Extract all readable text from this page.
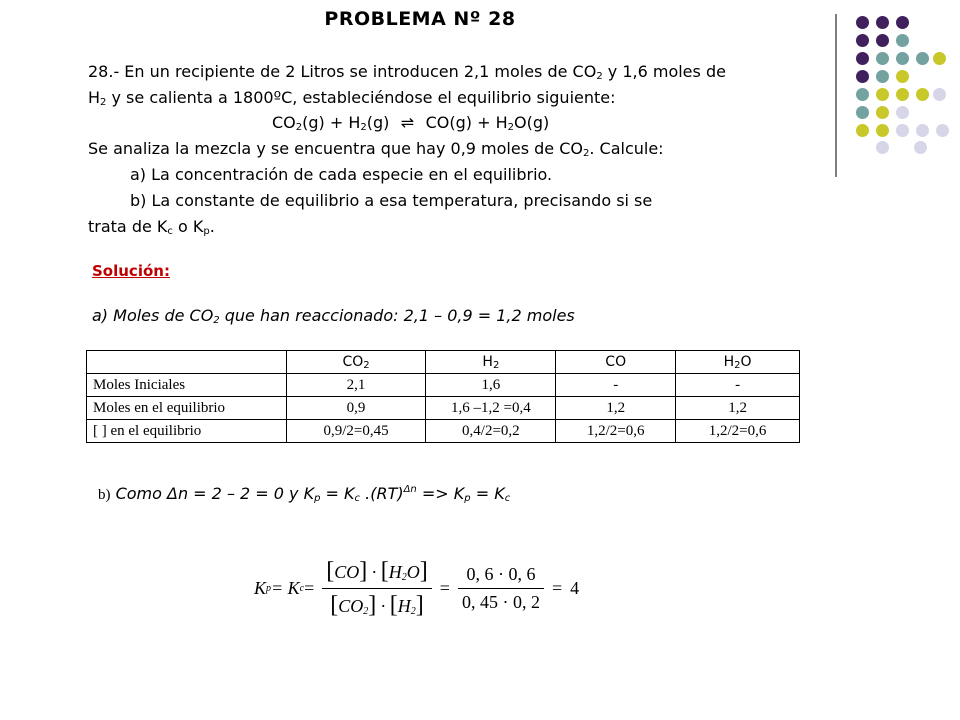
PROBLEMA Nº 28
28.- En un recipiente de 2 Litros se introducen 2,1 moles de $CO_2$ y 1,6 moles de
$H_2$ y se calienta a 1800ºC, estableciéndose el equilibrio siguiente:
$CO_2(g) + H_2(g)$ ⇌ $CO(g) + H_2O(g)$
Se analiza la mezcla y se encuentra que hay 0,9 moles de $CO_2$. Calcule:
a) La concentración de cada especie en el equilibrio.
b) La constante de equilibrio a esa temperatura, precisando si se
trata de $K_c$ o $K_p$.
Solución:
a) Moles de $CO_2$ que han reaccionado: 2,1 – 0,9 = 1,2 moles
	$CO_2$	$H_2$	CO	$H_2O$
Moles Iniciales	2,1	1,6	-	-
Moles en el equilibrio	0,9	1,6 –1,2 =0,4	1,2	1,2
[ ] en el equilibrio	0,9/2=0,45	0,4/2=0,2	1,2/2=0,6	1,2/2=0,6
b) Como Δn = 2 – 2 = 0 y $K_p = K_c$ $.(RT)^{\Delta n} => K_p = K_c$
K p = K $c = \frac{[CO] \cdot [H_2O]}{[CO_2] \cdot [H_2]} = \frac{0, 6 \cdot 0, 6}{0, 45 \cdot 0, 2} = 4$
